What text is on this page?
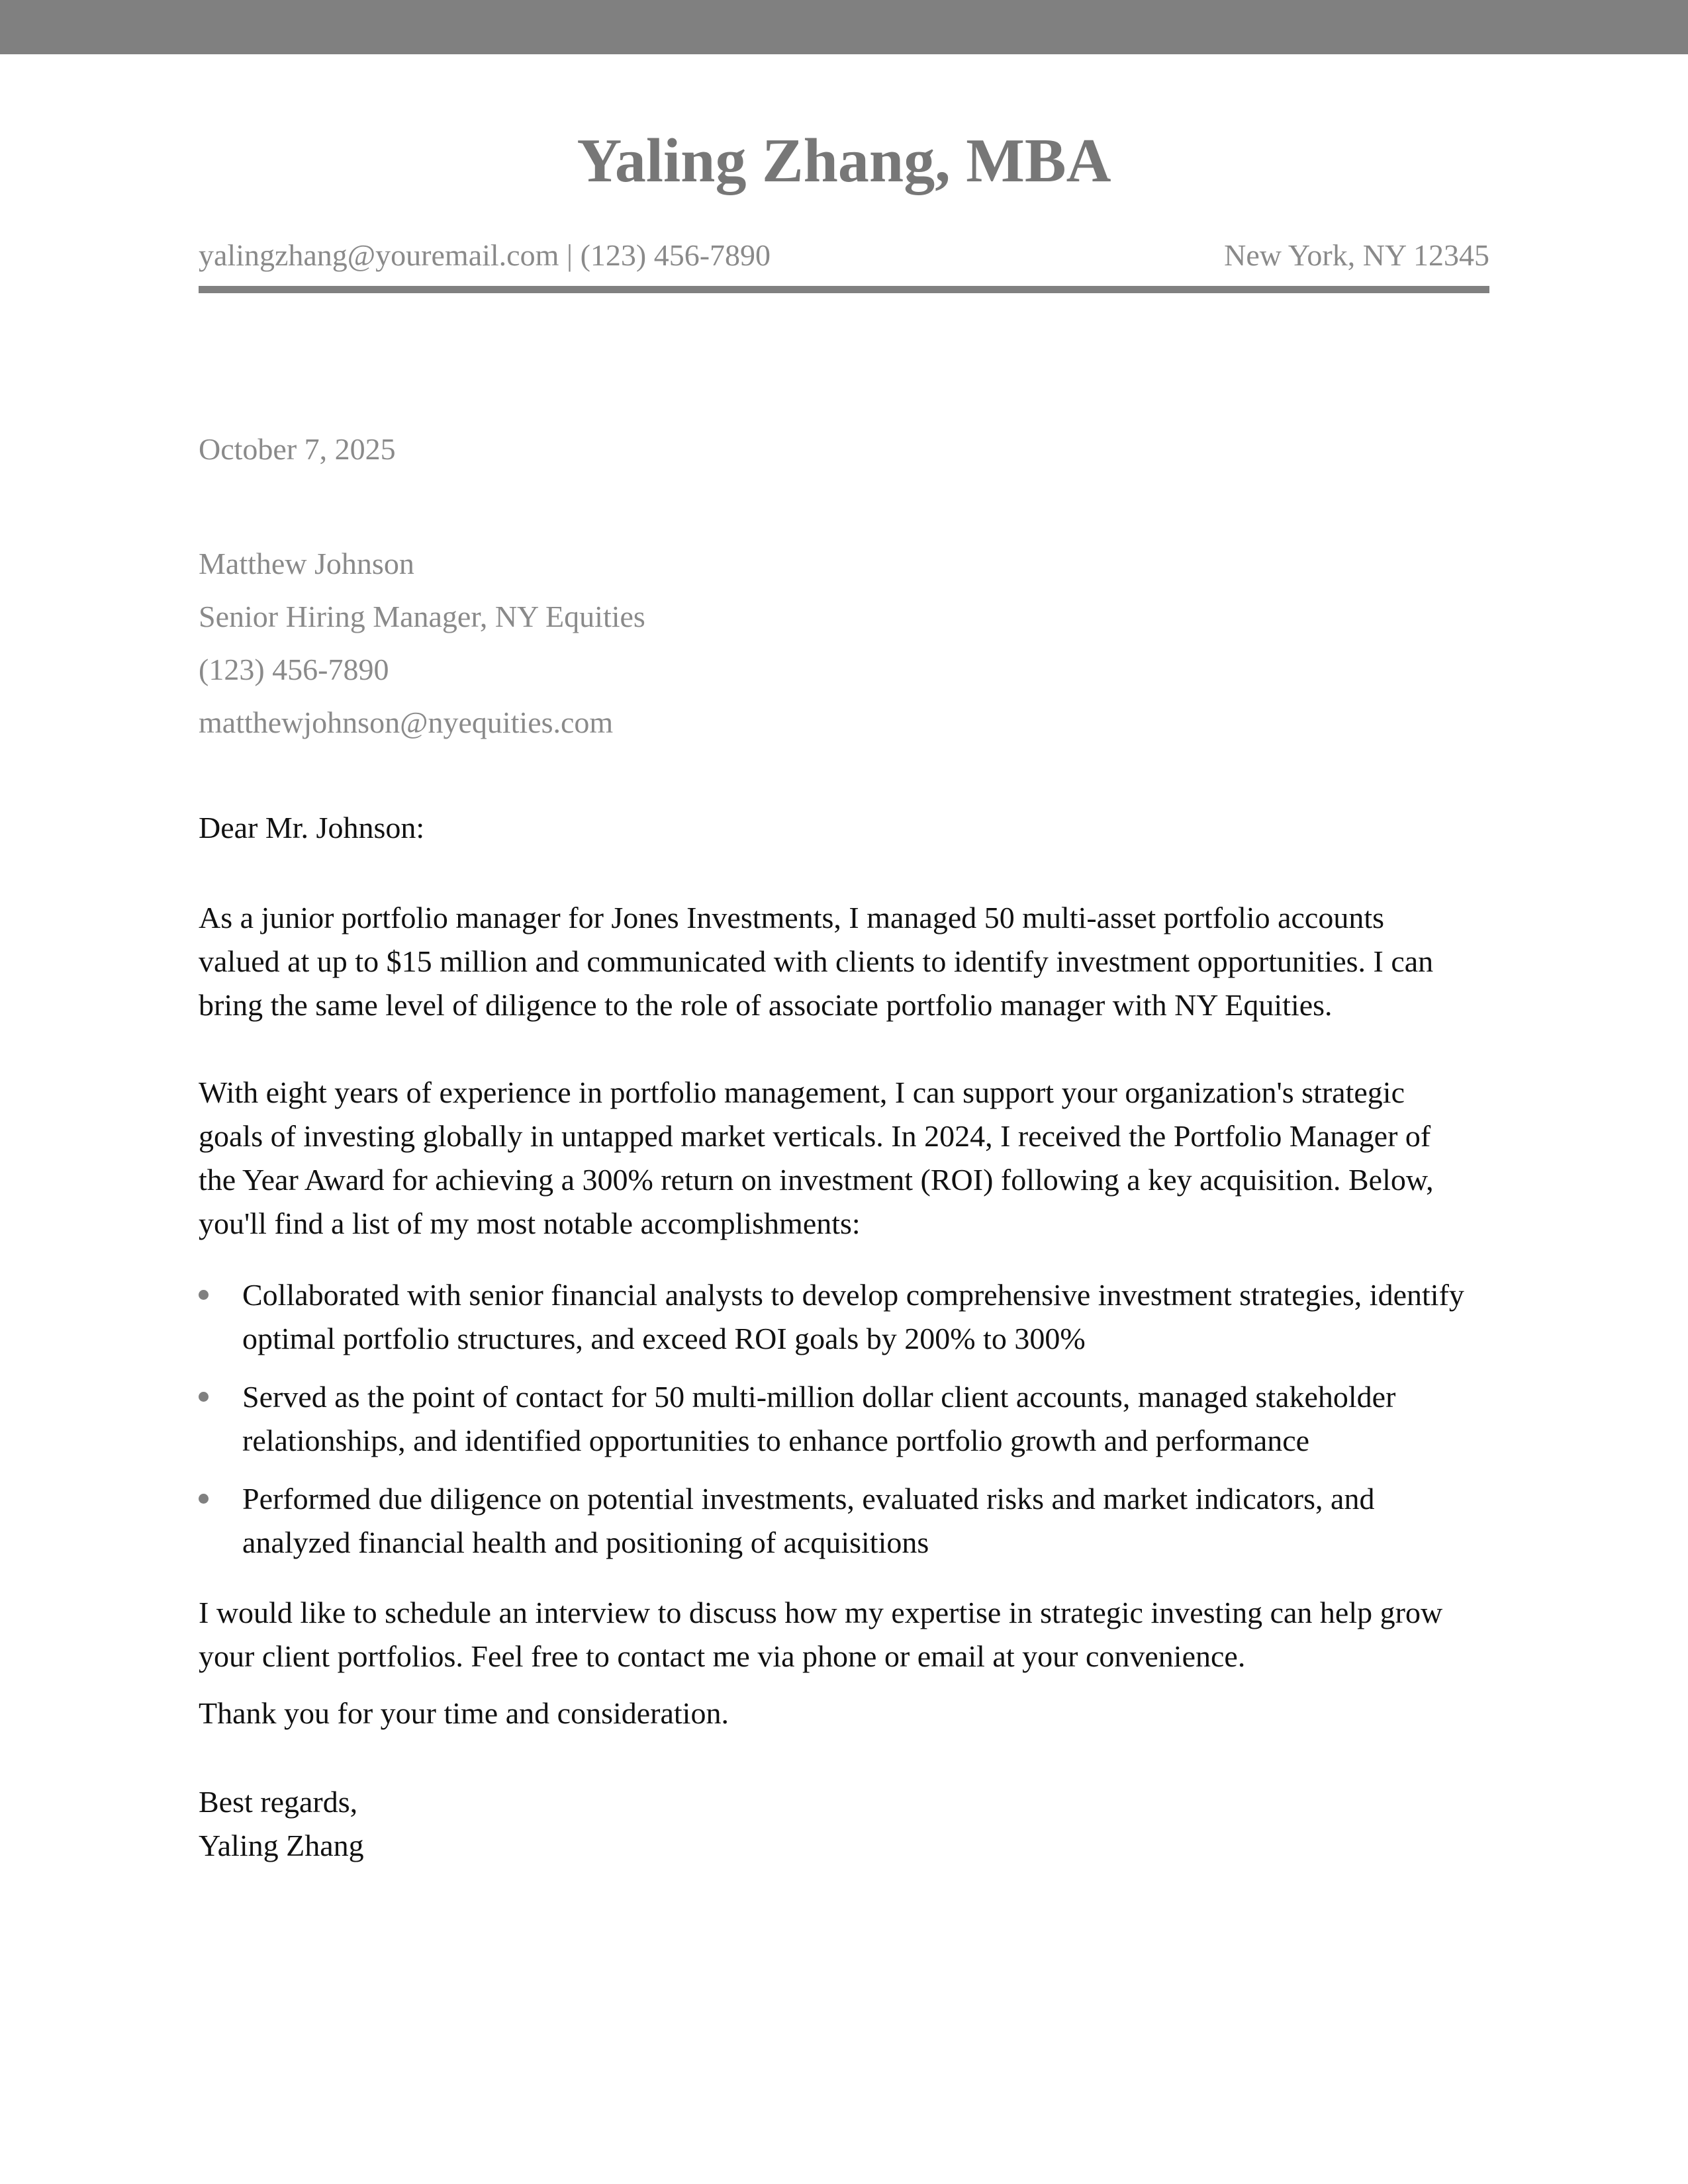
Yaling Zhang, MBA
yalingzhang@youremail.com | (123) 456-7890	New York, NY 12345
October 7, 2025
Matthew Johnson
Senior Hiring Manager, NY Equities
(123) 456-7890
matthewjohnson@nyequities.com
Dear Mr. Johnson:
As a junior portfolio manager for Jones Investments, I managed 50 multi-asset portfolio accounts
valued at up to $15 million and communicated with clients to identify investment opportunities. I can
bring the same level of diligence to the role of associate portfolio manager with NY Equities.
With eight years of experience in portfolio management, I can support your organization's strategic
goals of investing globally in untapped market verticals. In 2024, I received the Portfolio Manager of
the Year Award for achieving a 300% return on investment (ROI) following a key acquisition. Below,
you'll find a list of my most notable accomplishments:
Collaborated with senior financial analysts to develop comprehensive investment strategies, identify
optimal portfolio structures, and exceed ROI goals by 200% to 300%
Served as the point of contact for 50 multi-million dollar client accounts, managed stakeholder
relationships, and identified opportunities to enhance portfolio growth and performance
Performed due diligence on potential investments, evaluated risks and market indicators, and
analyzed financial health and positioning of acquisitions
I would like to schedule an interview to discuss how my expertise in strategic investing can help grow
your client portfolios. Feel free to contact me via phone or email at your convenience.
Thank you for your time and consideration.
Best regards,
Yaling Zhang
